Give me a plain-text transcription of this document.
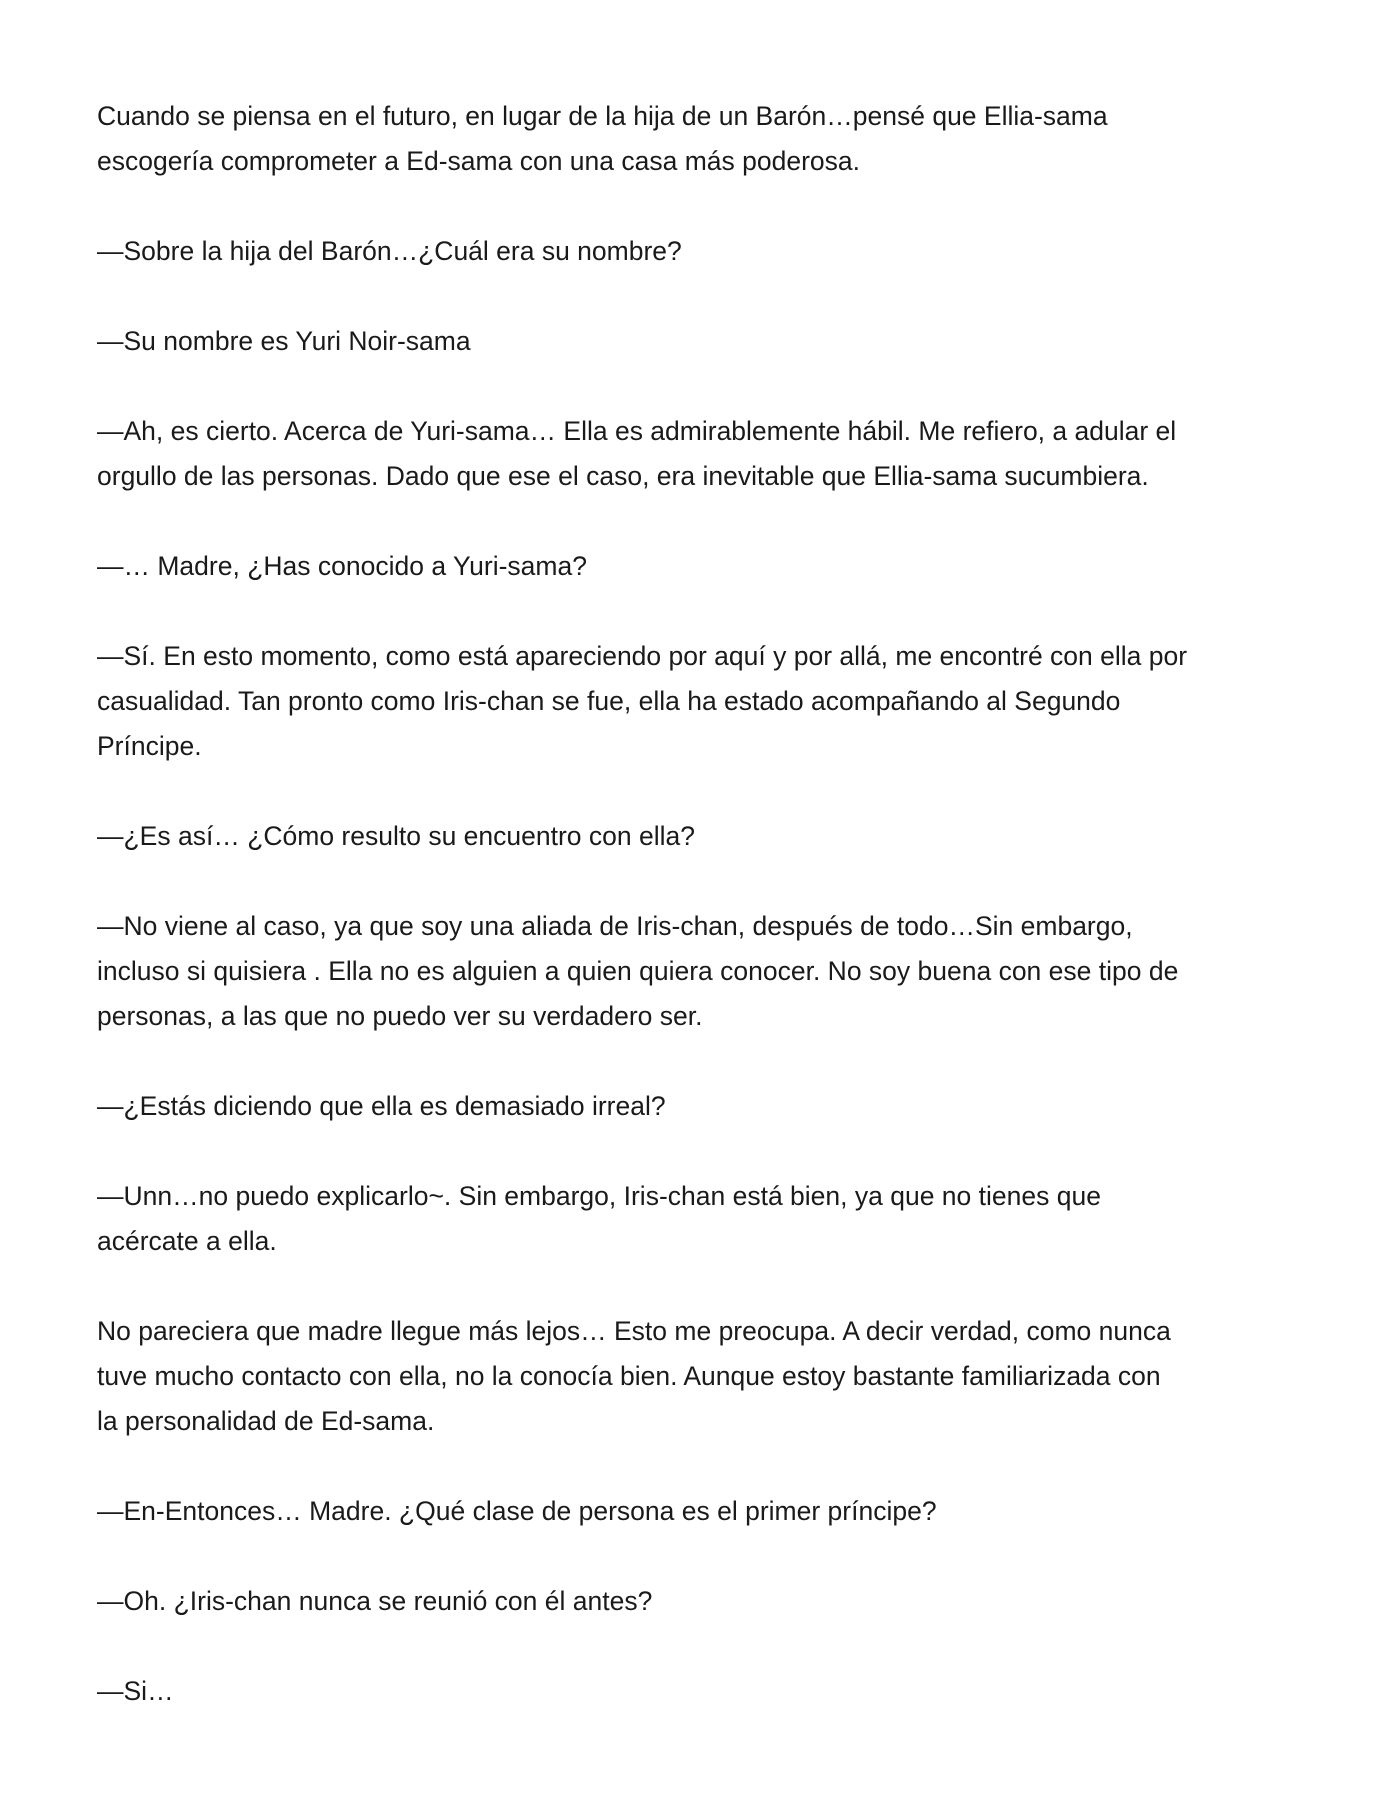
Cuando se piensa en el futuro, en lugar de la hija de un Barón…pensé que Ellia-sama
escogería comprometer a Ed-sama con una casa más poderosa.

—Sobre la hija del Barón…¿Cuál era su nombre?

—Su nombre es Yuri Noir-sama

—Ah, es cierto. Acerca de Yuri-sama… Ella es admirablemente hábil. Me refiero, a adular el
orgullo de las personas. Dado que ese el caso, era inevitable que Ellia-sama sucumbiera.

—… Madre, ¿Has conocido a Yuri-sama?

—Sí. En esto momento, como está apareciendo por aquí y por allá, me encontré con ella por
casualidad. Tan pronto como Iris-chan se fue, ella ha estado acompañando al Segundo
Príncipe.

—¿Es así… ¿Cómo resulto su encuentro con ella?

—No viene al caso, ya que soy una aliada de Iris-chan, después de todo…Sin embargo,
incluso si quisiera . Ella no es alguien a quien quiera conocer. No soy buena con ese tipo de
personas, a las que no puedo ver su verdadero ser.

—¿Estás diciendo que ella es demasiado irreal?

—Unn…no puedo explicarlo~. Sin embargo, Iris-chan está bien, ya que no tienes que
acércate a ella.

No pareciera que madre llegue más lejos… Esto me preocupa. A decir verdad, como nunca
tuve mucho contacto con ella, no la conocía bien. Aunque estoy bastante familiarizada con
la personalidad de Ed-sama.

—En-Entonces… Madre. ¿Qué clase de persona es el primer príncipe?

—Oh. ¿Iris-chan nunca se reunió con él antes?

—Si…
